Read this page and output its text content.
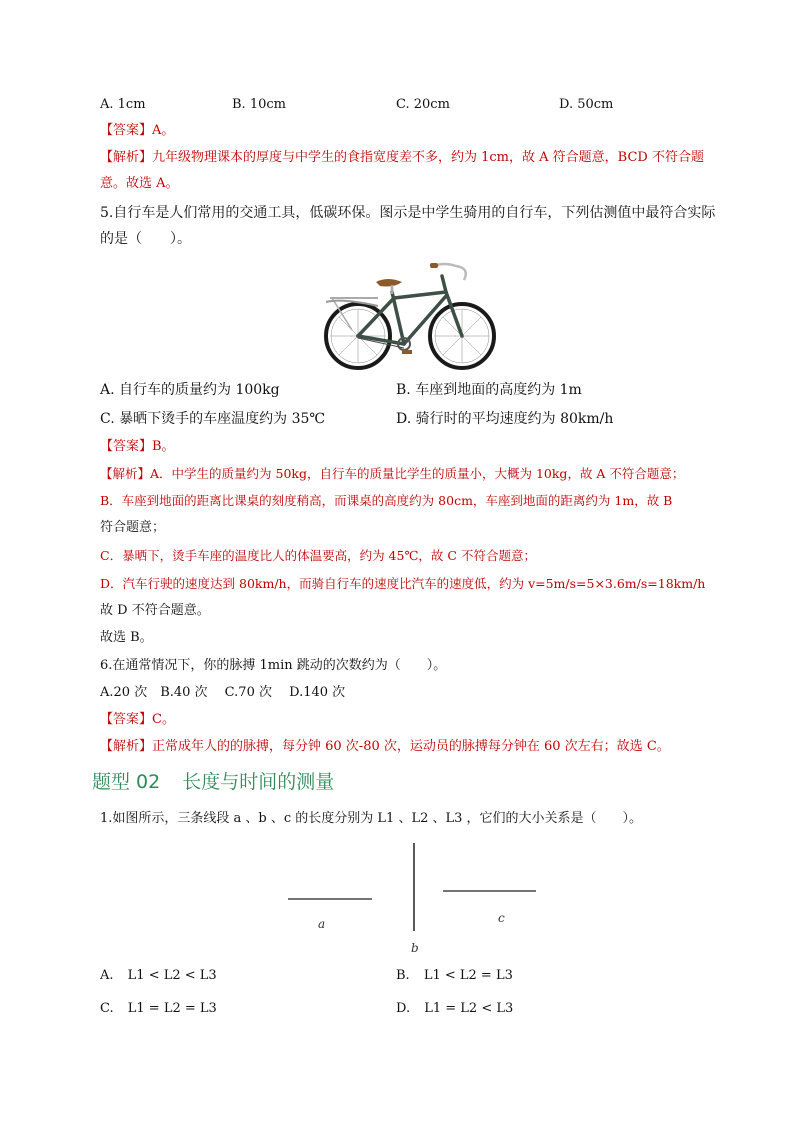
A. 1cm	B. 10cm	C. 20cm	D. 50cm
【答案】A。
【解析】九年级物理课本的厚度与中学生的食指宽度差不多，约为 1cm，故 A 符合题意，BCD 不符合题
意。故选 A。
5.自行车是人们常用的交通工具，低碳环保。图示是中学生骑用的自行车，下列估测值中最符合实际
的是（　　）。
A. 自行车的质量约为 100kg	B. 车座到地面的高度约为 1m
C. 暴晒下烫手的车座温度约为 35℃	D. 骑行时的平均速度约为 80km/h
【答案】B。
【解析】A．中学生的质量约为 50kg，自行车的质量比学生的质量小，大概为 10kg，故 A 不符合题意；
B．车座到地面的距离比课桌的刻度稍高，而课桌的高度约为 80cm，车座到地面的距离约为 1m，故 B
符合题意；
C．暴晒下，烫手车座的温度比人的体温要高，约为 45℃，故 C 不符合题意；
D．汽车行驶的速度达到 80km/h，而骑自行车的速度比汽车的速度低，约为 v=5m/s=5×3.6m/s=18km/h
故 D 不符合题意。
故选 B。
6.在通常情况下，你的脉搏 1min 跳动的次数约为（　　）。
A.20 次　B.40 次　 C.70 次　 D.140 次
【答案】C。
【解析】正常成年人的的脉搏，每分钟 60 次-80 次，运动员的脉搏每分钟在 60 次左右；故选 C。
题型 02 长度与时间的测量
1.如图所示，三条线段 a 、b 、c 的长度分别为 L1 、L2 、L3 ，它们的大小关系是（　　）。
a
b
c
A. L1 < L2 < L3	B. L1 < L2 = L3
C. L1 = L2 = L3	D. L1 = L2 < L3
